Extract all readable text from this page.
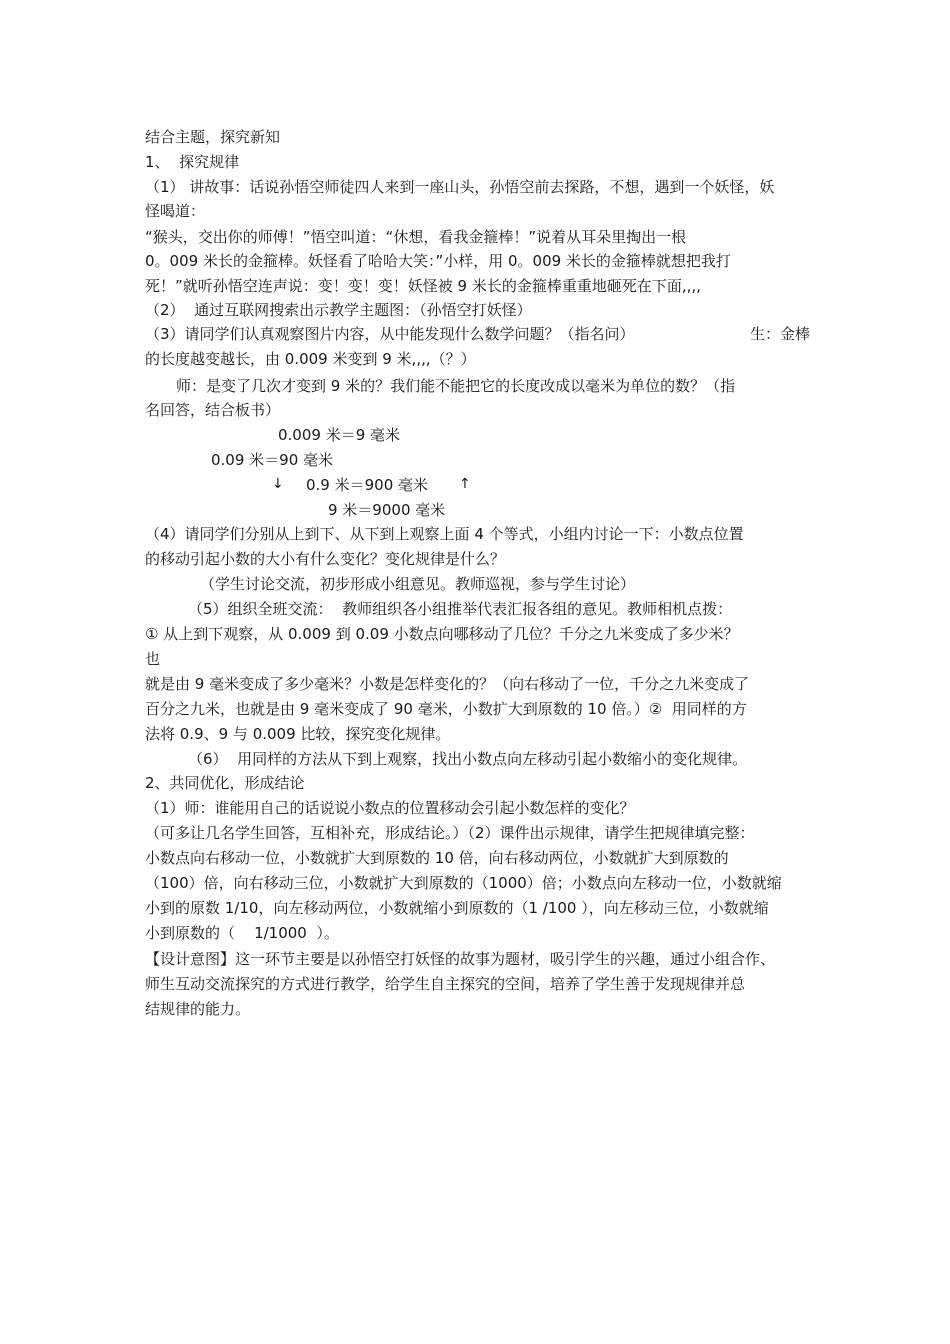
结合主题，探究新知
1、  探究规律
（1） 讲故事：话说孙悟空师徒四人来到一座山头，孙悟空前去探路，不想，遇到一个妖怪，妖
怪喝道：
“猴头，交出你的师傅！”悟空叫道：“休想，看我金箍棒！”说着从耳朵里掏出一根
0。009 米长的金箍棒。妖怪看了哈哈大笑：”小样，用 0。009 米长的金箍棒就想把我打
死！”就听孙悟空连声说：变！变！变！妖怪被 9 米长的金箍棒重重地砸死在下面,,,,
（2）  通过互联网搜索出示教学主题图：（孙悟空打妖怪）
（3）请同学们认真观察图片内容，从中能发现什么数学问题？（指名问）	生：金棒
的长度越变越长，由 0.009 米变到 9 米,,,,（？）
师：是变了几次才变到 9 米的？我们能不能把它的长度改成以毫米为单位的数？（指
名回答，结合板书）
0.009 米＝9 毫米
0.09 米＝90 毫米
↓ 0.9 米＝900 毫米 ↑
9 米＝9000 毫米
（4）请同学们分别从上到下、从下到上观察上面 4 个等式，小组内讨论一下：小数点位置
的移动引起小数的大小有什么变化？变化规律是什么？
（学生讨论交流，初步形成小组意见。教师巡视，参与学生讨论）
（5）组织全班交流：  教师组织各小组推举代表汇报各组的意见。教师相机点拨：
① 从上到下观察，从 0.009 到 0.09 小数点向哪移动了几位？千分之九米变成了多少米？
也
就是由 9 毫米变成了多少毫米？小数是怎样变化的？（向右移动了一位，千分之九米变成了
百分之九米，也就是由 9 毫米变成了 90 毫米，小数扩大到原数的 10 倍。）②  用同样的方
法将 0.9、9 与 0.009 比较，探究变化规律。
（6）  用同样的方法从下到上观察，找出小数点向左移动引起小数缩小的变化规律。
2、共同优化，形成结论
（1）师：谁能用自己的话说说小数点的位置移动会引起小数怎样的变化？
（可多让几名学生回答，互相补充，形成结论。）（2）课件出示规律，请学生把规律填完整：
小数点向右移动一位，小数就扩大到原数的 10 倍，向右移动两位，小数就扩大到原数的
（100）倍，向右移动三位，小数就扩大到原数的（1000）倍；小数点向左移动一位，小数就缩
小到的原数 1/10，向左移动两位，小数就缩小到原数的（1 /100 ），向左移动三位，小数就缩
小到原数的（    1/1000  ）。
【设计意图】这一环节主要是以孙悟空打妖怪的故事为题材，吸引学生的兴趣，通过小组合作、
师生互动交流探究的方式进行教学，给学生自主探究的空间，培养了学生善于发现规律并总
结规律的能力。
